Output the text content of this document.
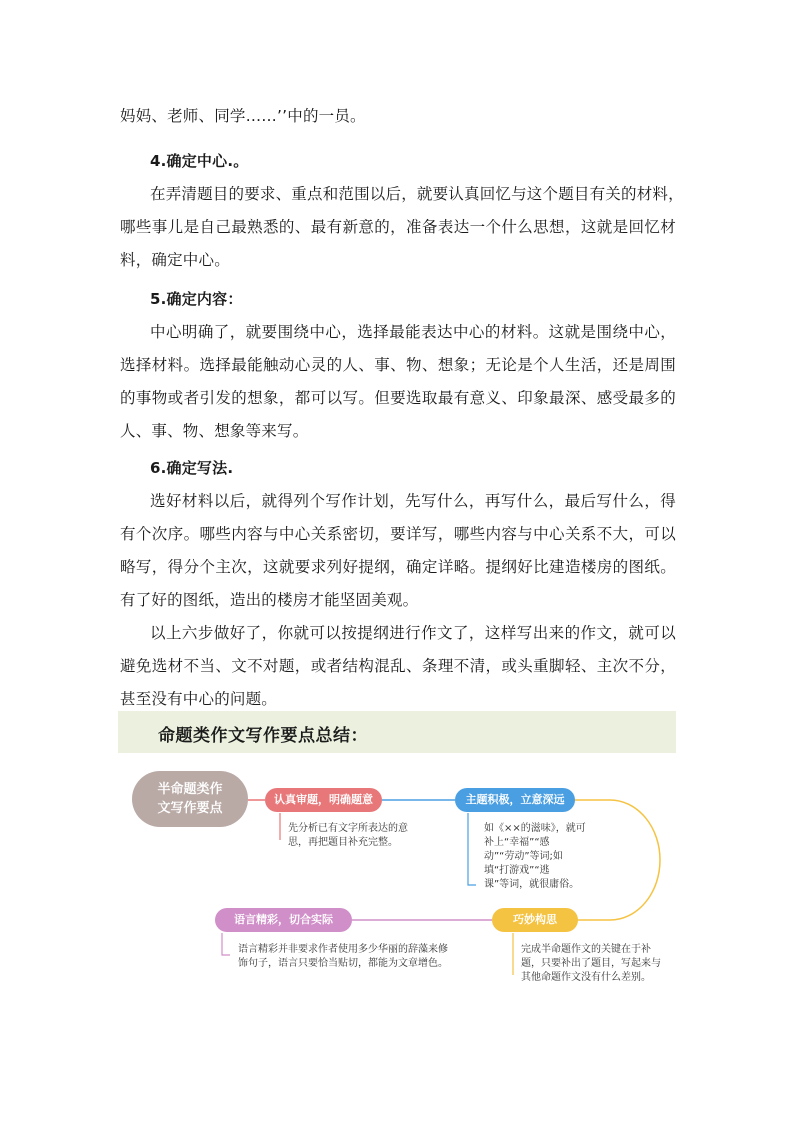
妈妈、老师、同学……’’中的一员。
4.确定中心.。
在弄清题目的要求、重点和范围以后，就要认真回忆与这个题目有关的材料，
哪些事儿是自己最熟悉的、最有新意的，准备表达一个什么思想，这就是回忆材
料，确定中心。
5.确定内容：
中心明确了，就要围绕中心，选择最能表达中心的材料。这就是围绕中心，
选择材料。选择最能触动心灵的人、事、物、想象；无论是个人生活，还是周围
的事物或者引发的想象，都可以写。但要选取最有意义、印象最深、感受最多的
人、事、物、想象等来写。
6.确定写法.
选好材料以后，就得列个写作计划，先写什么，再写什么，最后写什么，得
有个次序。哪些内容与中心关系密切，要详写，哪些内容与中心关系不大，可以
略写，得分个主次，这就要求列好提纲，确定详略。提纲好比建造楼房的图纸。
有了好的图纸，造出的楼房才能坚固美观。
以上六步做好了，你就可以按提纲进行作文了，这样写出来的作文，就可以
避免选材不当、文不对题，或者结构混乱、条理不清，或头重脚轻、主次不分，
甚至没有中心的问题。
命题类作文写作要点总结：
半命题类作
文写作要点
认真审题，明确题意
先分析已有文字所表达的意
思，再把题目补充完整。
主题积极，立意深远
如《××的滋味》，就可
补上“幸福”“感
动”“劳动”等词;如
填“打游戏”“逃
课”等词，就很庸俗。
巧妙构思
完成半命题作文的关键在于补
题，只要补出了题目，写起来与
其他命题作文没有什么差别。
语言精彩，切合实际
语言精彩并非要求作者使用多少华丽的辞藻来修
饰句子，语言只要恰当贴切，都能为文章增色。
